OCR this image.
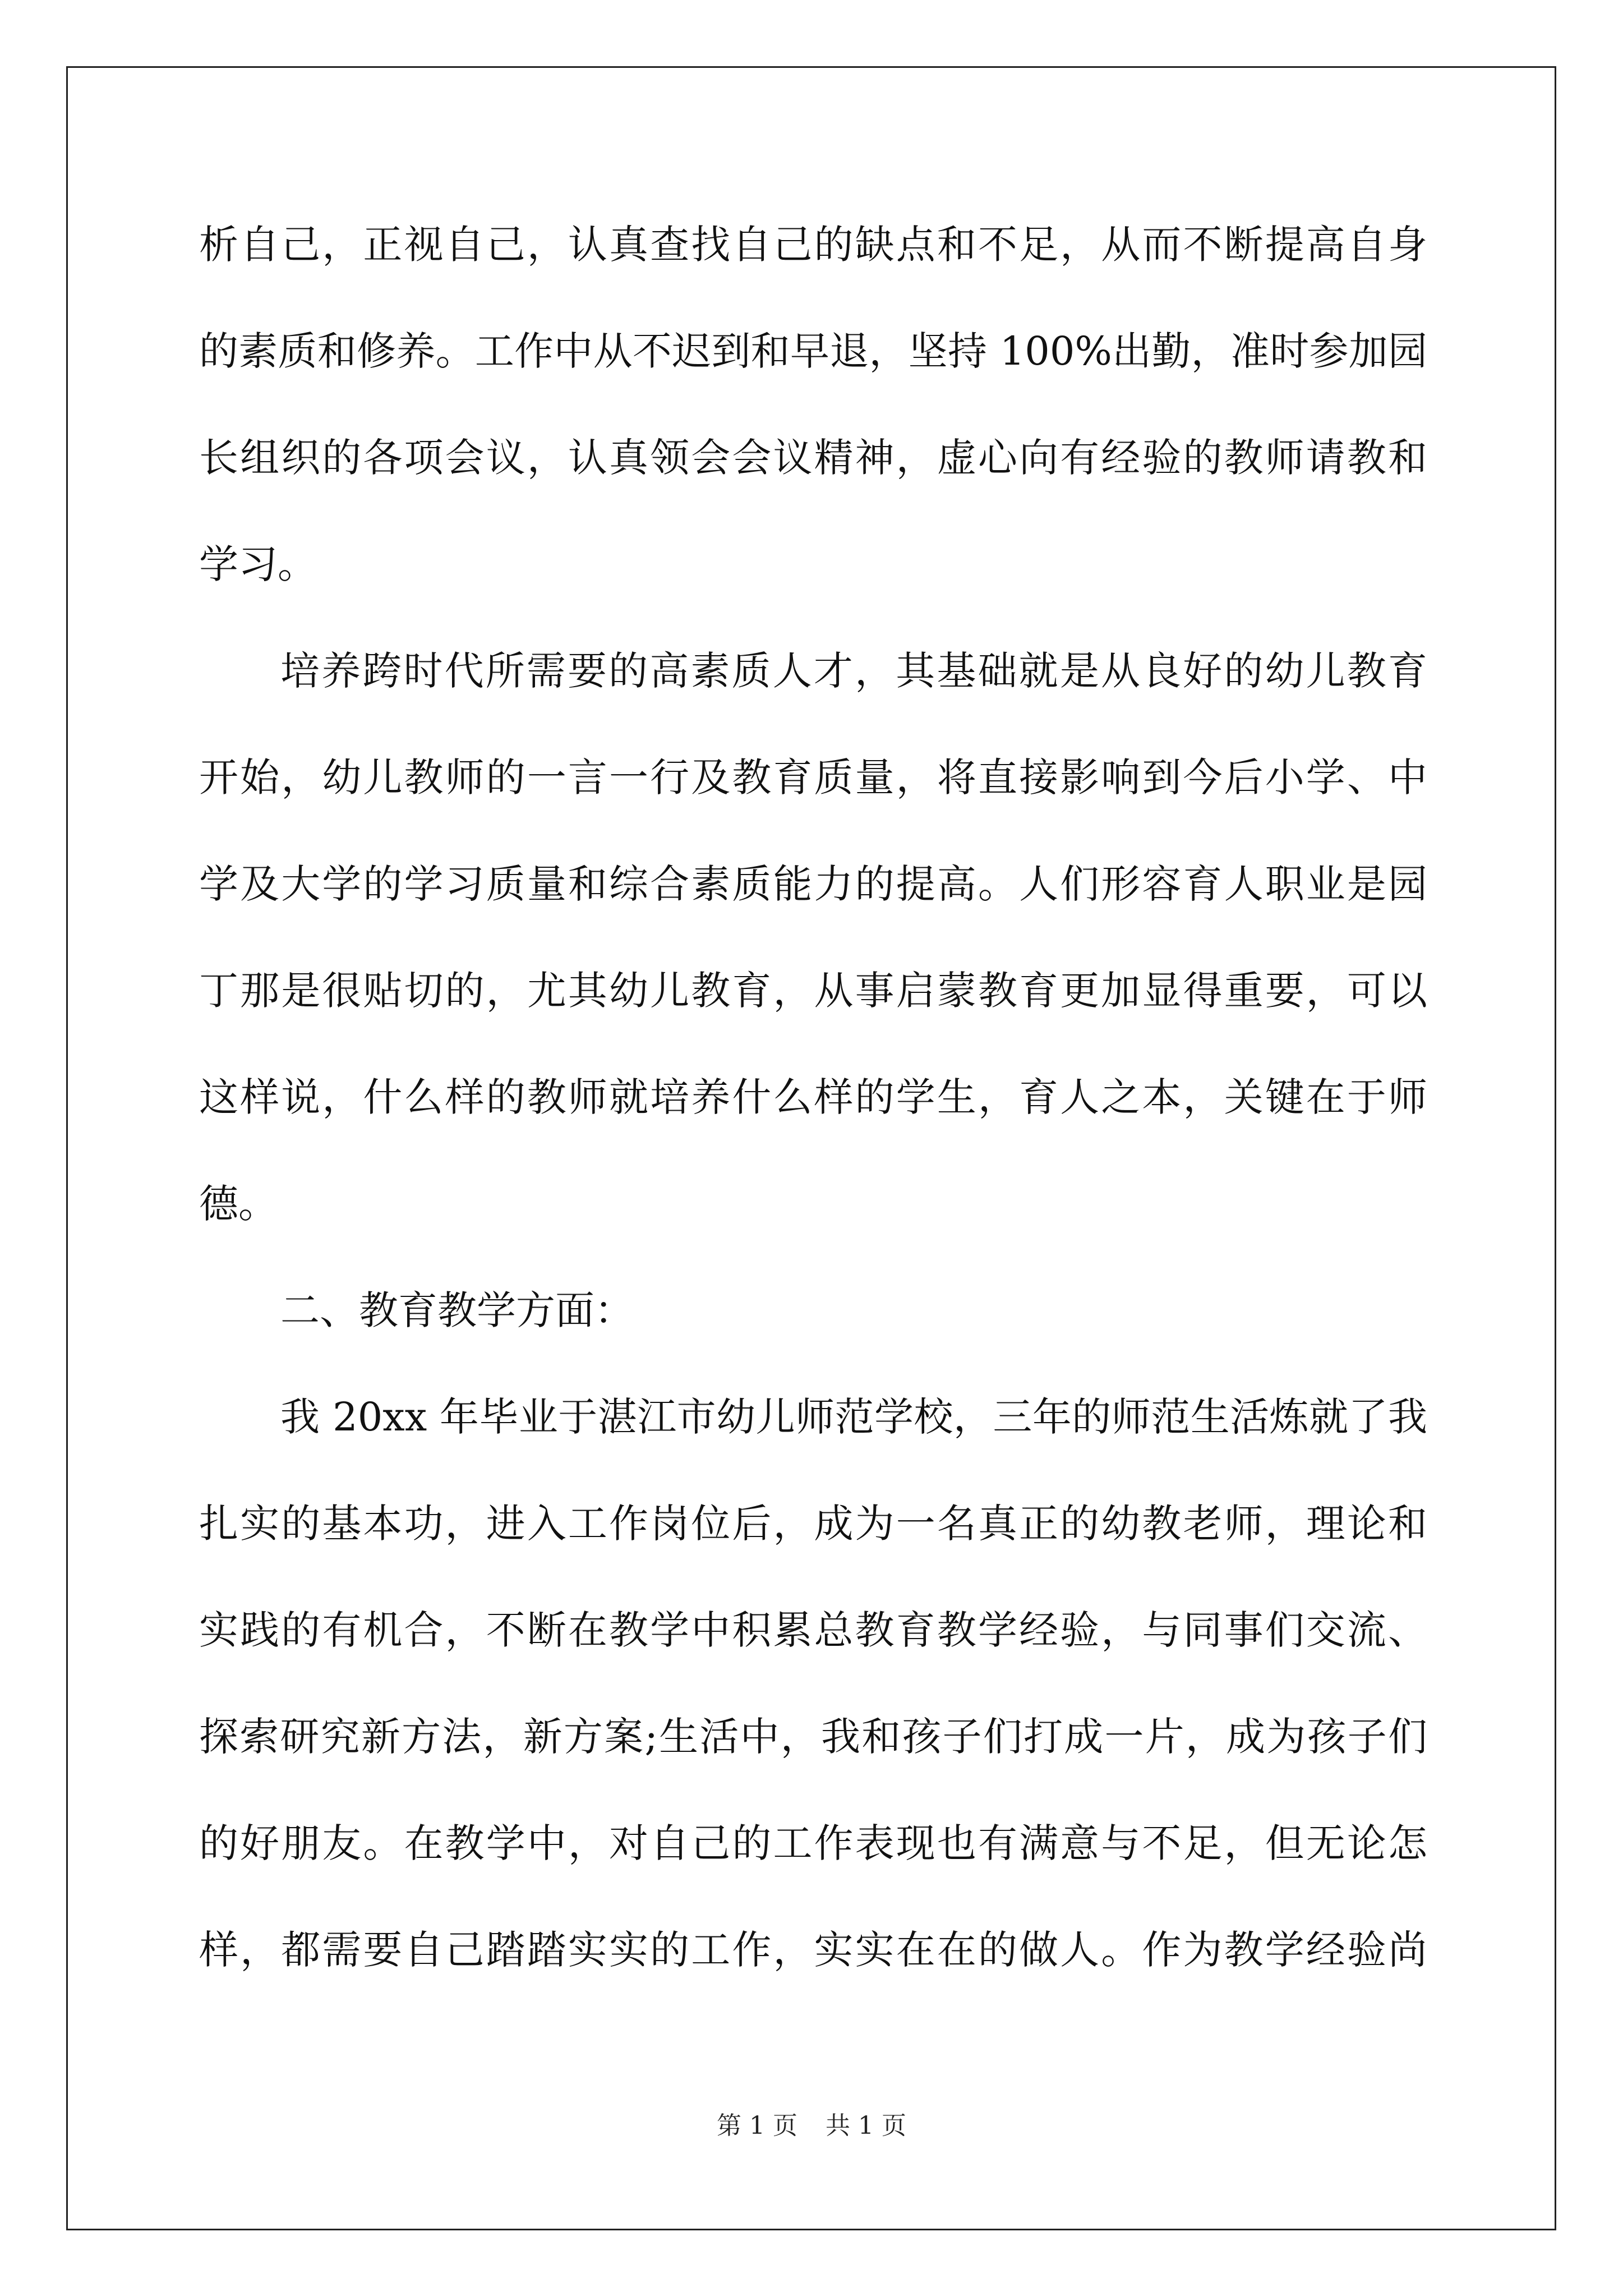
析自己，正视自己，认真查找自己的缺点和不足，从而不断提高自身
的素质和修养。工作中从不迟到和早退，坚持 100%出勤，准时参加园
长组织的各项会议，认真领会会议精神，虚心向有经验的教师请教和
学习。
培养跨时代所需要的高素质人才，其基础就是从良好的幼儿教育
开始，幼儿教师的一言一行及教育质量，将直接影响到今后小学、中
学及大学的学习质量和综合素质能力的提高。人们形容育人职业是园
丁那是很贴切的，尤其幼儿教育，从事启蒙教育更加显得重要，可以
这样说，什么样的教师就培养什么样的学生，育人之本，关键在于师
德。
二、教育教学方面：
我 20xx 年毕业于湛江市幼儿师范学校，三年的师范生活炼就了我
扎实的基本功，进入工作岗位后，成为一名真正的幼教老师，理论和
实践的有机合，不断在教学中积累总教育教学经验，与同事们交流、
探索研究新方法，新方案;生活中，我和孩子们打成一片，成为孩子们
的好朋友。在教学中，对自己的工作表现也有满意与不足，但无论怎
样，都需要自己踏踏实实的工作，实实在在的做人。作为教学经验尚
第 1 页 共 1 页
